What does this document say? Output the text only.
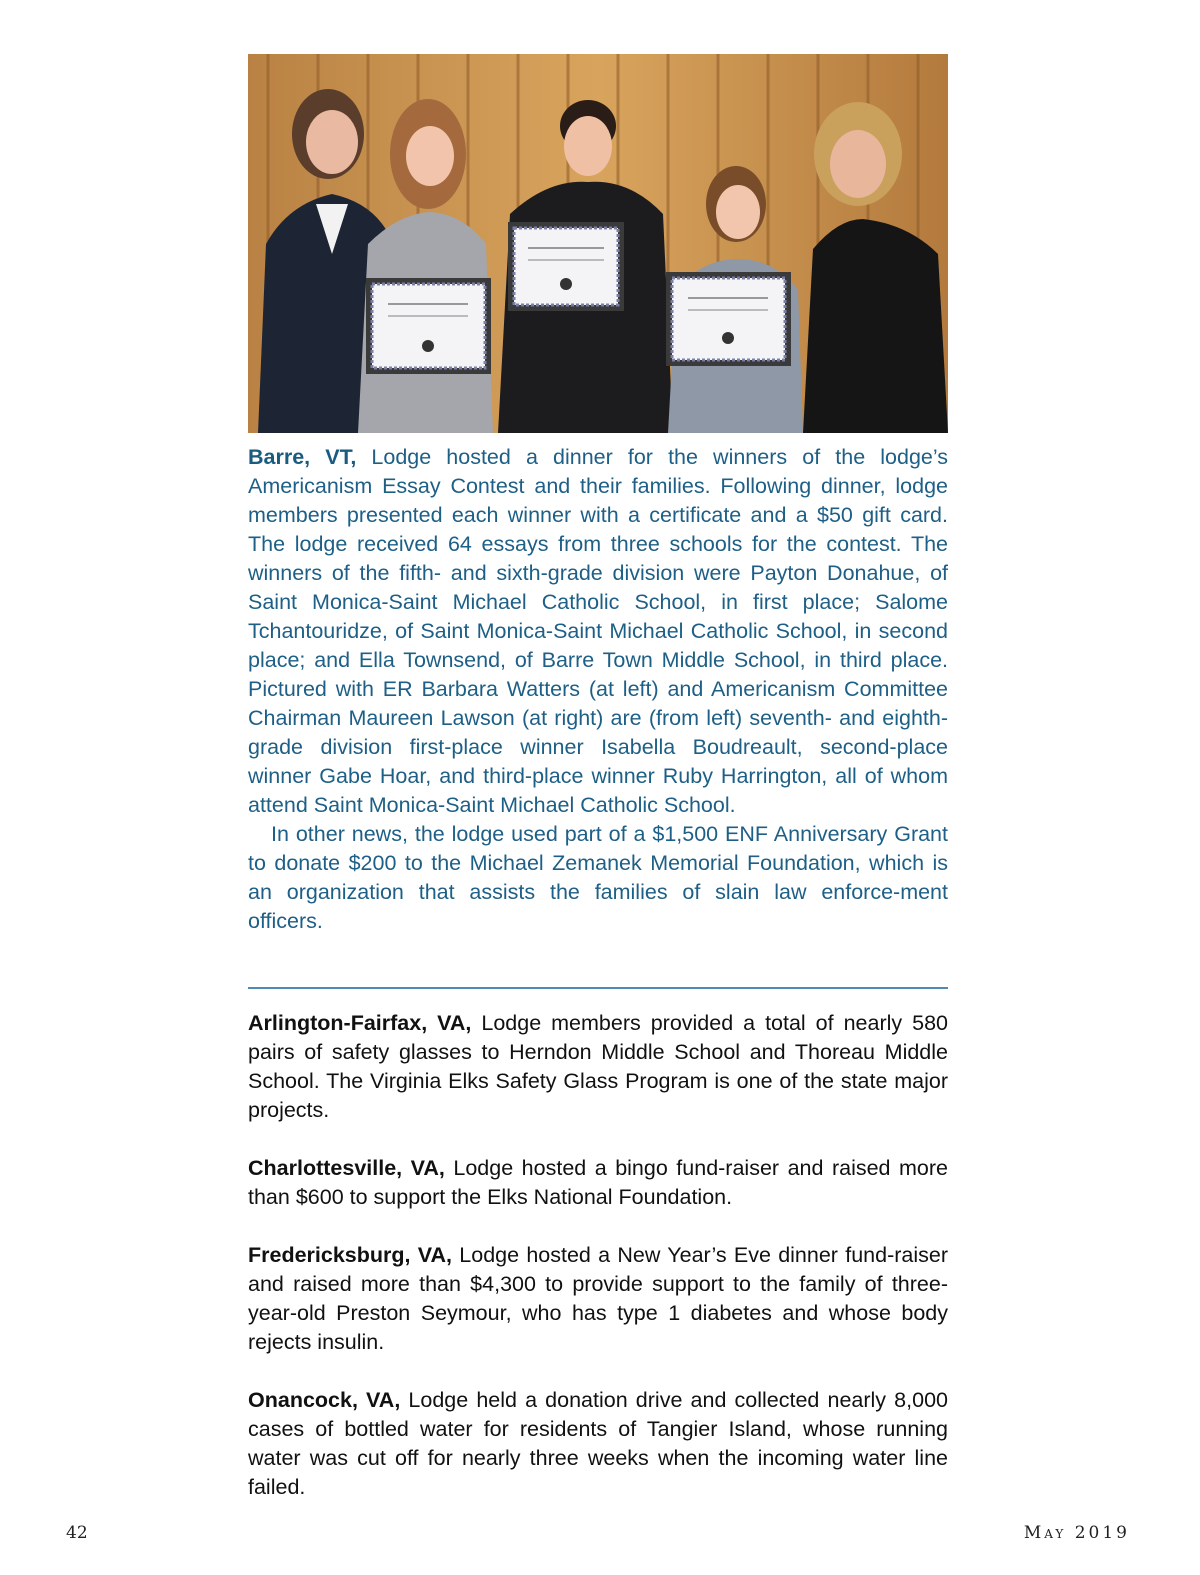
Barre, VT, Lodge hosted a dinner for the winners of the lodge’s Americanism Essay Contest and their families. Following dinner, lodge members presented each winner with a certificate and a $50 gift card. The lodge received 64 essays from three schools for the contest. The winners of the fifth- and sixth-grade division were Payton Donahue, of Saint Monica-Saint Michael Catholic School, in first place; Salome Tchantouridze, of Saint Monica-Saint Michael Catholic School, in second place; and Ella Townsend, of Barre Town Middle School, in third place. Pictured with ER Barbara Watters (at left) and Americanism Committee Chairman Maureen Lawson (at right) are (from left) seventh- and eighth-grade division first-place winner Isabella Boudreault, second-place winner Gabe Hoar, and third-place winner Ruby Harrington, all of whom attend Saint Monica-Saint Michael Catholic School.

In other news, the lodge used part of a $1,500 ENF Anniversary Grant to donate $200 to the Michael Zemanek Memorial Foundation, which is an organization that assists the families of slain law enforce-ment officers.

Arlington-Fairfax, VA, Lodge members provided a total of nearly 580 pairs of safety glasses to Herndon Middle School and Thoreau Middle School. The Virginia Elks Safety Glass Program is one of the state major projects.

Charlottesville, VA, Lodge hosted a bingo fund-raiser and raised more than $600 to support the Elks National Foundation.

Fredericksburg, VA, Lodge hosted a New Year’s Eve dinner fund-raiser and raised more than $4,300 to provide support to the family of three-year-old Preston Seymour, who has type 1 diabetes and whose body rejects insulin.

Onancock, VA, Lodge held a donation drive and collected nearly 8,000 cases of bottled water for residents of Tangier Island, whose running water was cut off for nearly three weeks when the incoming water line failed.

42	May 2019
